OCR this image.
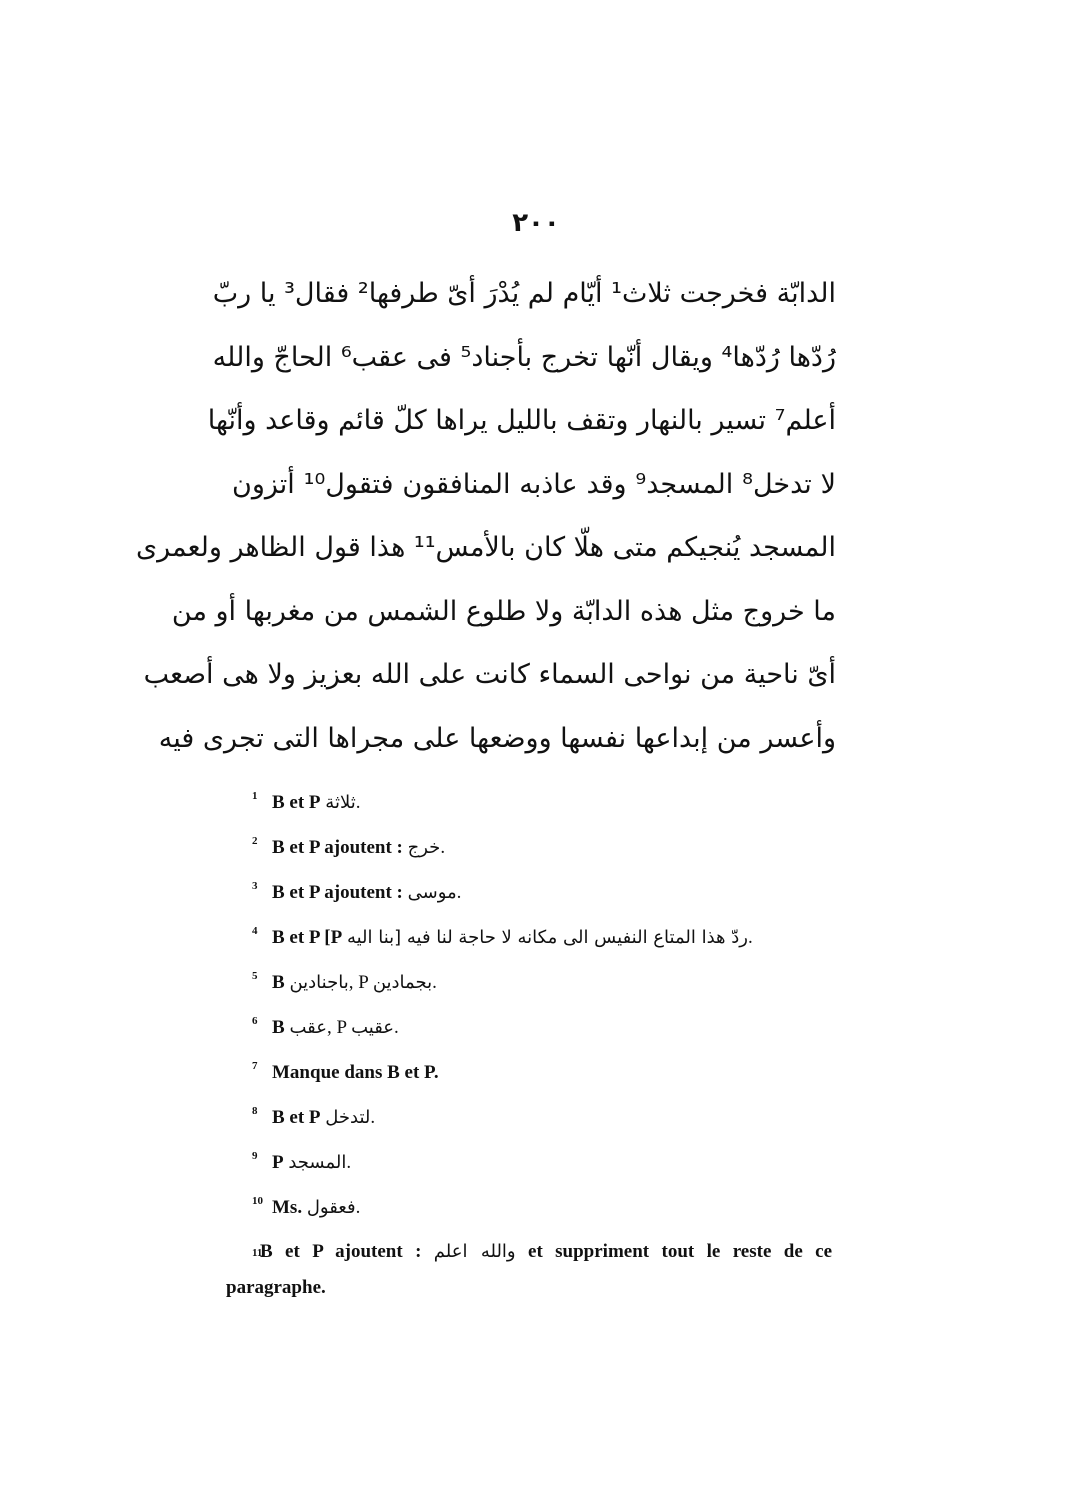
۲۰۰
الدابّة فخرجت ثلاث¹ أيّام لم يُدْرَ أىّ طرفها² فقال³ يا ربّ
رُدّها رُدّها⁴ ويقال أنّها تخرج بأجناد⁵ فى عقب⁶ الحاجّ والله
أعلم⁷ تسير بالنهار وتقف بالليل يراها كلّ قائم وقاعد وأنّها
لا تدخل⁸ المسجد⁹ وقد عاذبه المنافقون فتقول¹⁰ أتزون
المسجد يُنجيكم متى هلّا كان بالأمس¹¹ هذا قول الظاهر ولعمرى
ما خروج مثل هذه الدابّة ولا طلوع الشمس من مغربها أو من
أىّ ناحية من نواحى السماء كانت على الله بعزيز ولا هى أصعب
وأعسر من إبداعها نفسها ووضعها على مجراها التى تجرى فيه
1 B et P ثلاثة.
2 B et P ajoutent : خرج.
3 B et P ajoutent : موسى.
4 B et P [P ردّ هذا المتاع النفيس الى مكانه لا حاجة لنا فيه [بنا اليه.
5 B باجنادين, P بجمادين.
6 B عقب, P عقيب.
7 Manque dans B et P.
8 B et P لتدخل.
9 P المسجد.
10 Ms. فعقول.
11
B et P ajoutent : والله اعلم et suppriment tout le reste de ce paragraphe.
